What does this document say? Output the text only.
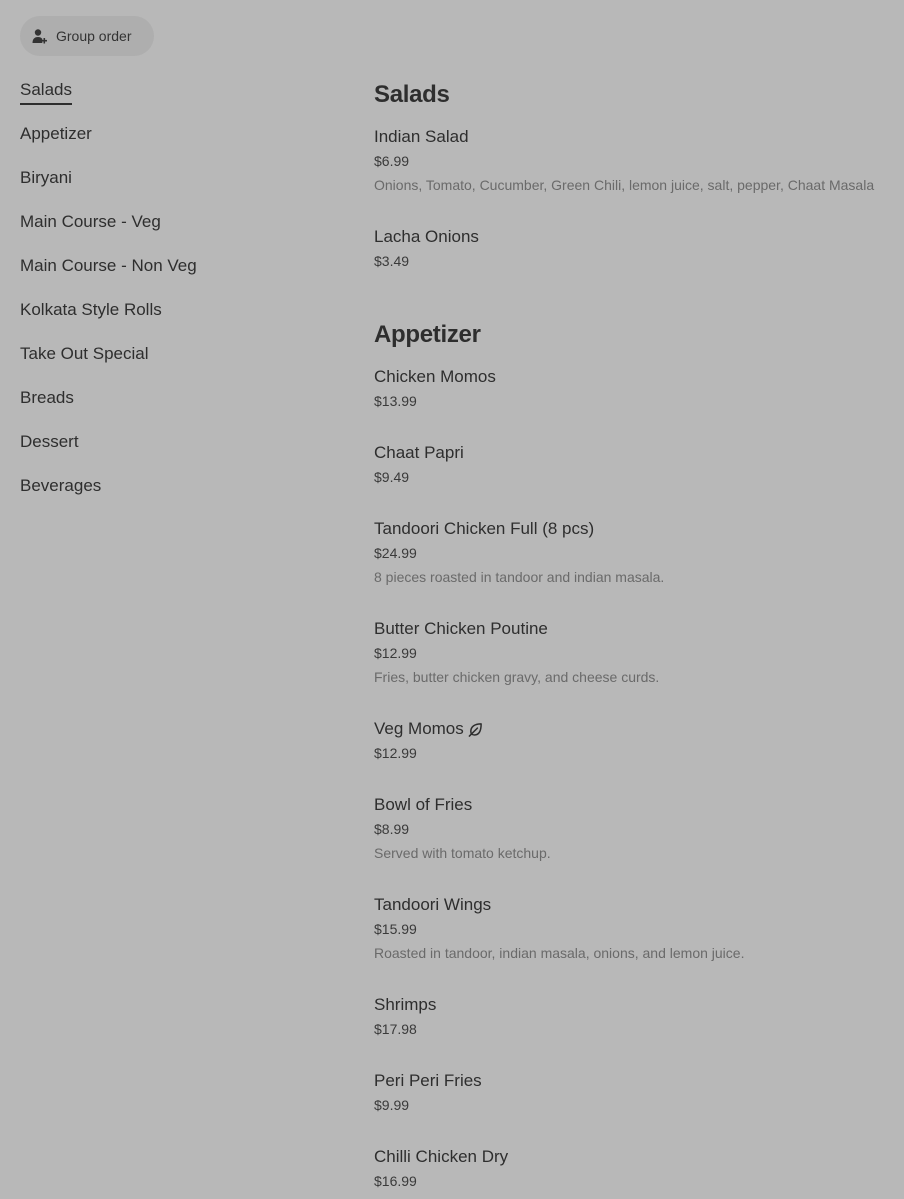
Group order
Salads
Appetizer
Biryani
Main Course - Veg
Main Course - Non Veg
Kolkata Style Rolls
Take Out Special
Breads
Dessert
Beverages
Salads
Indian Salad
$6.99
Onions, Tomato, Cucumber, Green Chili, lemon juice, salt, pepper, Chaat Masala
Lacha Onions
$3.49
Appetizer
Chicken Momos
$13.99
Chaat Papri
$9.49
Tandoori Chicken Full (8 pcs)
$24.99
8 pieces roasted in tandoor and indian masala.
Butter Chicken Poutine
$12.99
Fries, butter chicken gravy, and cheese curds.
Veg Momos
$12.99
Bowl of Fries
$8.99
Served with tomato ketchup.
Tandoori Wings
$15.99
Roasted in tandoor, indian masala, onions, and lemon juice.
Shrimps
$17.98
Peri Peri Fries
$9.99
Chilli Chicken Dry
$16.99
